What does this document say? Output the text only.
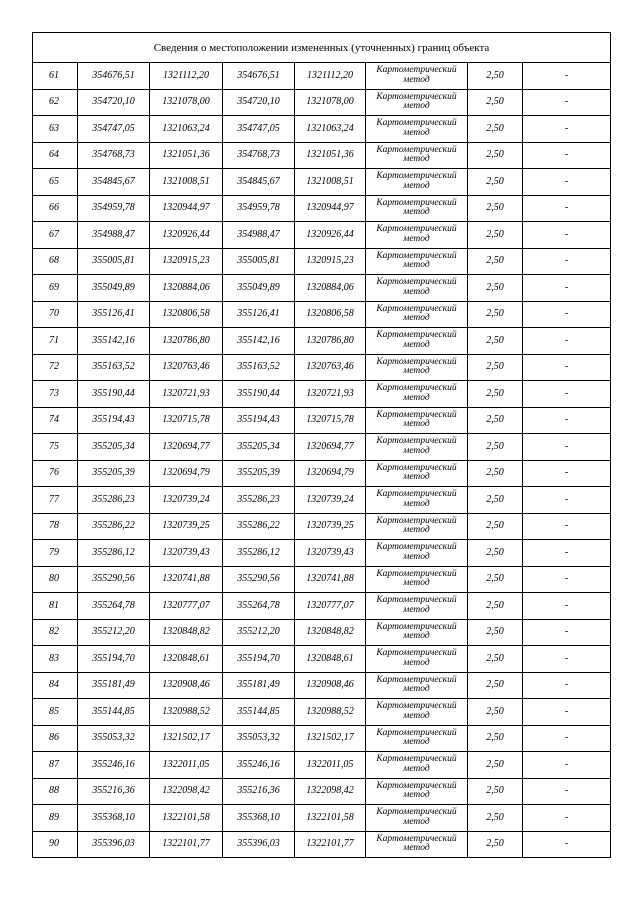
Сведения о местоположении измененных (уточненных) границ объекта							
61	354676,51	1321112,20	354676,51	1321112,20	Картометрический метод	2,50	-
62	354720,10	1321078,00	354720,10	1321078,00	Картометрический метод	2,50	-
63	354747,05	1321063,24	354747,05	1321063,24	Картометрический метод	2,50	-
64	354768,73	1321051,36	354768,73	1321051,36	Картометрический метод	2,50	-
65	354845,67	1321008,51	354845,67	1321008,51	Картометрический метод	2,50	-
66	354959,78	1320944,97	354959,78	1320944,97	Картометрический метод	2,50	-
67	354988,47	1320926,44	354988,47	1320926,44	Картометрический метод	2,50	-
68	355005,81	1320915,23	355005,81	1320915,23	Картометрический метод	2,50	-
69	355049,89	1320884,06	355049,89	1320884,06	Картометрический метод	2,50	-
70	355126,41	1320806,58	355126,41	1320806,58	Картометрический метод	2,50	-
71	355142,16	1320786,80	355142,16	1320786,80	Картометрический метод	2,50	-
72	355163,52	1320763,46	355163,52	1320763,46	Картометрический метод	2,50	-
73	355190,44	1320721,93	355190,44	1320721,93	Картометрический метод	2,50	-
74	355194,43	1320715,78	355194,43	1320715,78	Картометрический метод	2,50	-
75	355205,34	1320694,77	355205,34	1320694,77	Картометрический метод	2,50	-
76	355205,39	1320694,79	355205,39	1320694,79	Картометрический метод	2,50	-
77	355286,23	1320739,24	355286,23	1320739,24	Картометрический метод	2,50	-
78	355286,22	1320739,25	355286,22	1320739,25	Картометрический метод	2,50	-
79	355286,12	1320739,43	355286,12	1320739,43	Картометрический метод	2,50	-
80	355290,56	1320741,88	355290,56	1320741,88	Картометрический метод	2,50	-
81	355264,78	1320777,07	355264,78	1320777,07	Картометрический метод	2,50	-
82	355212,20	1320848,82	355212,20	1320848,82	Картометрический метод	2,50	-
83	355194,70	1320848,61	355194,70	1320848,61	Картометрический метод	2,50	-
84	355181,49	1320908,46	355181,49	1320908,46	Картометрический метод	2,50	-
85	355144,85	1320988,52	355144,85	1320988,52	Картометрический метод	2,50	-
86	355053,32	1321502,17	355053,32	1321502,17	Картометрический метод	2,50	-
87	355246,16	1322011,05	355246,16	1322011,05	Картометрический метод	2,50	-
88	355216,36	1322098,42	355216,36	1322098,42	Картометрический метод	2,50	-
89	355368,10	1322101,58	355368,10	1322101,58	Картометрический метод	2,50	-
90	355396,03	1322101,77	355396,03	1322101,77	Картометрический метод	2,50	-
